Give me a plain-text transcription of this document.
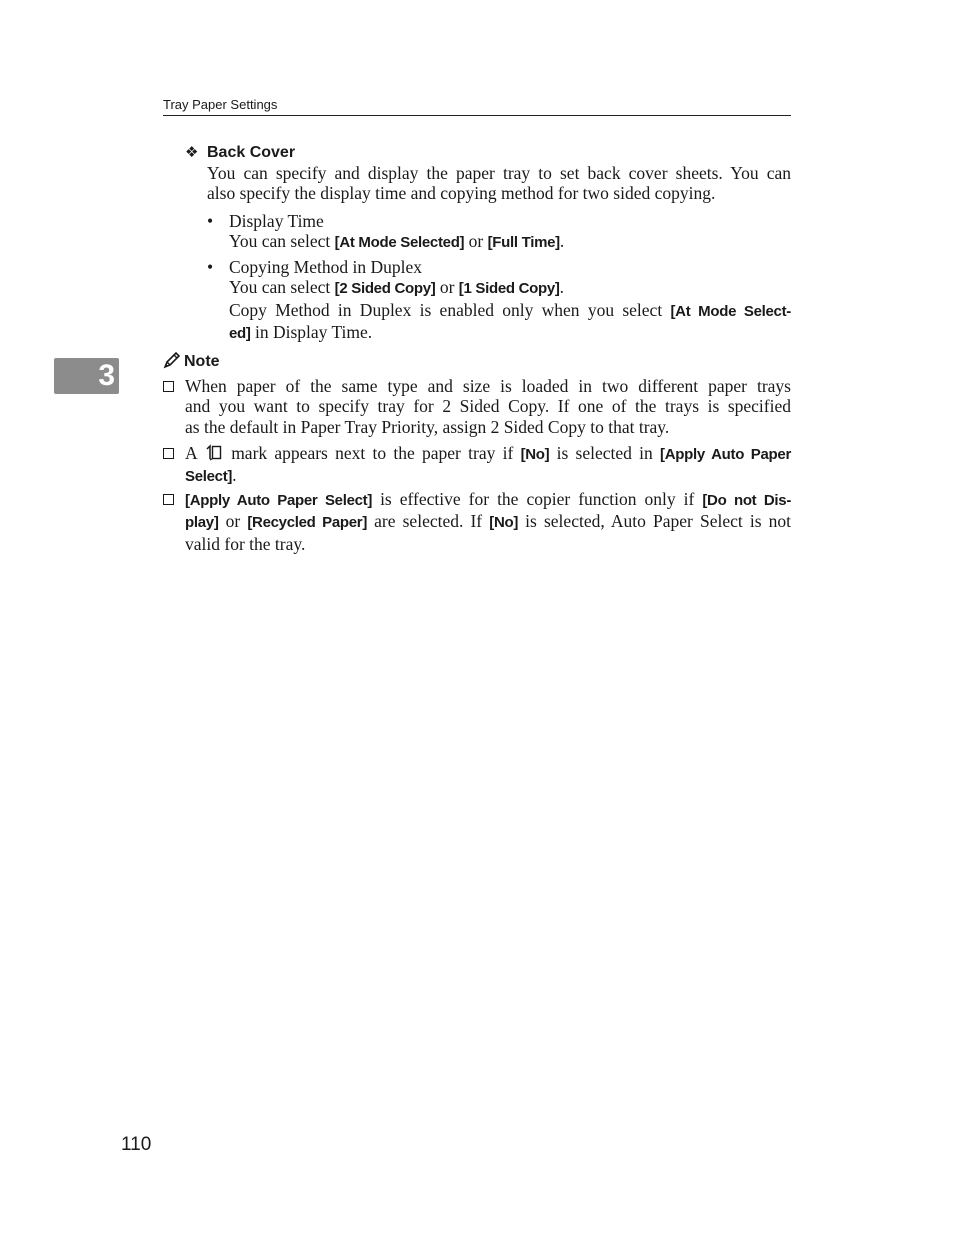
Tray Paper Settings
3
❖ Back Cover
You can specify and display the paper tray to set back cover sheets. You can
also specify the display time and copying method for two sided copying.
• Display Time
You can select [At Mode Selected] or [Full Time].
• Copying Method in Duplex
You can select [2 Sided Copy] or [1 Sided Copy].
Copy Method in Duplex is enabled only when you select [At Mode Select-
ed] in Display Time.
Note
When paper of the same type and size is loaded in two different paper trays
and you want to specify tray for 2 Sided Copy. If one of the trays is specified
as the default in Paper Tray Priority, assign 2 Sided Copy to that tray.
A  mark appears next to the paper tray if [No] is selected in [Apply Auto Paper
Select].
[Apply Auto Paper Select] is effective for the copier function only if [Do not Dis-
play] or [Recycled Paper] are selected. If [No] is selected, Auto Paper Select is not
valid for the tray.
110
